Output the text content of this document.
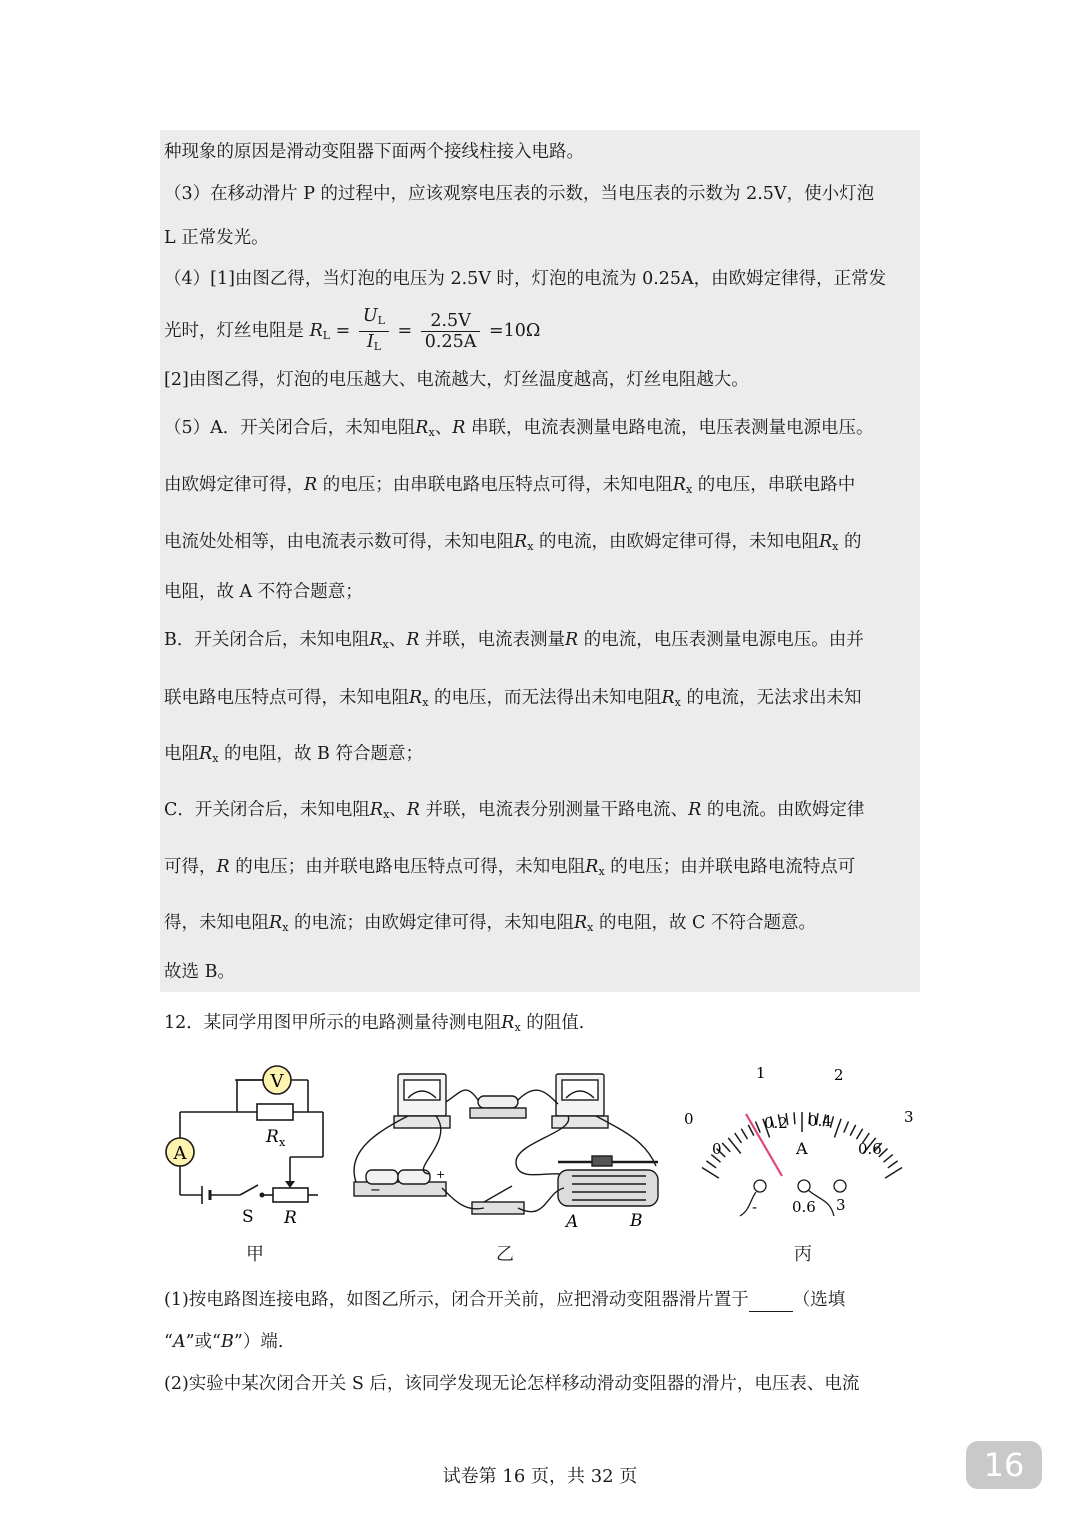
种现象的原因是滑动变阻器下面两个接线柱接入电路。
（3）在移动滑片 P 的过程中，应该观察电压表的示数，当电压表的示数为 2.5V，使小灯泡
L 正常发光。
（4）[1]由图乙得，当灯泡的电压为 2.5V 时，灯泡的电流为 0.25A，由欧姆定律得，正常发
光时，灯丝电阻是 $R_L = \frac{U_L}{I_L} = \frac{2.5V}{0.25A} =10\Omega$
[2]由图乙得，灯泡的电压越大、电流越大，灯丝温度越高，灯丝电阻越大。
（5）A．开关闭合后，未知电阻$R_x$、R 串联，电流表测量电路电流，电压表测量电源电压。
由欧姆定律可得，R 的电压；由串联电路电压特点可得，未知电阻$R_x$ 的电压，串联电路中
电流处处相等，由电流表示数可得，未知电阻$R_x$ 的电流，由欧姆定律可得，未知电阻$R_x$ 的
电阻，故 A 不符合题意；
B．开关闭合后，未知电阻$R_x$、R 并联，电流表测量R 的电流，电压表测量电源电压。由并
联电路电压特点可得，未知电阻$R_x$ 的电压，而无法得出未知电阻$R_x$ 的电流，无法求出未知
电阻$R_x$ 的电阻，故 B 符合题意；
C．开关闭合后，未知电阻$R_x$、R 并联，电流表分别测量干路电流、R 的电流。由欧姆定律
可得，R 的电压；由并联电路电压特点可得，未知电阻$R_x$ 的电压；由并联电路电流特点可
得，未知电阻$R_x$ 的电流；由欧姆定律可得，未知电阻$R_x$ 的电阻，故 C 不符合题意。
故选 B。
12．某同学用图甲所示的电路测量待测电阻$R_x$ 的阻值.
V
A
R x
S R
甲
−
+
A	B
乙
0
1	2
3
0
0.2 0.4
0.6
A
- 0.6 3
丙
(1)按电路图连接电路，如图乙所示，闭合开关前，应把滑动变阻器滑片置于	（选填
“A”或“B”）端.
(2)实验中某次闭合开关 S 后，该同学发现无论怎样移动滑动变阻器的滑片，电压表、电流
试卷第 16 页，共 32 页	16
